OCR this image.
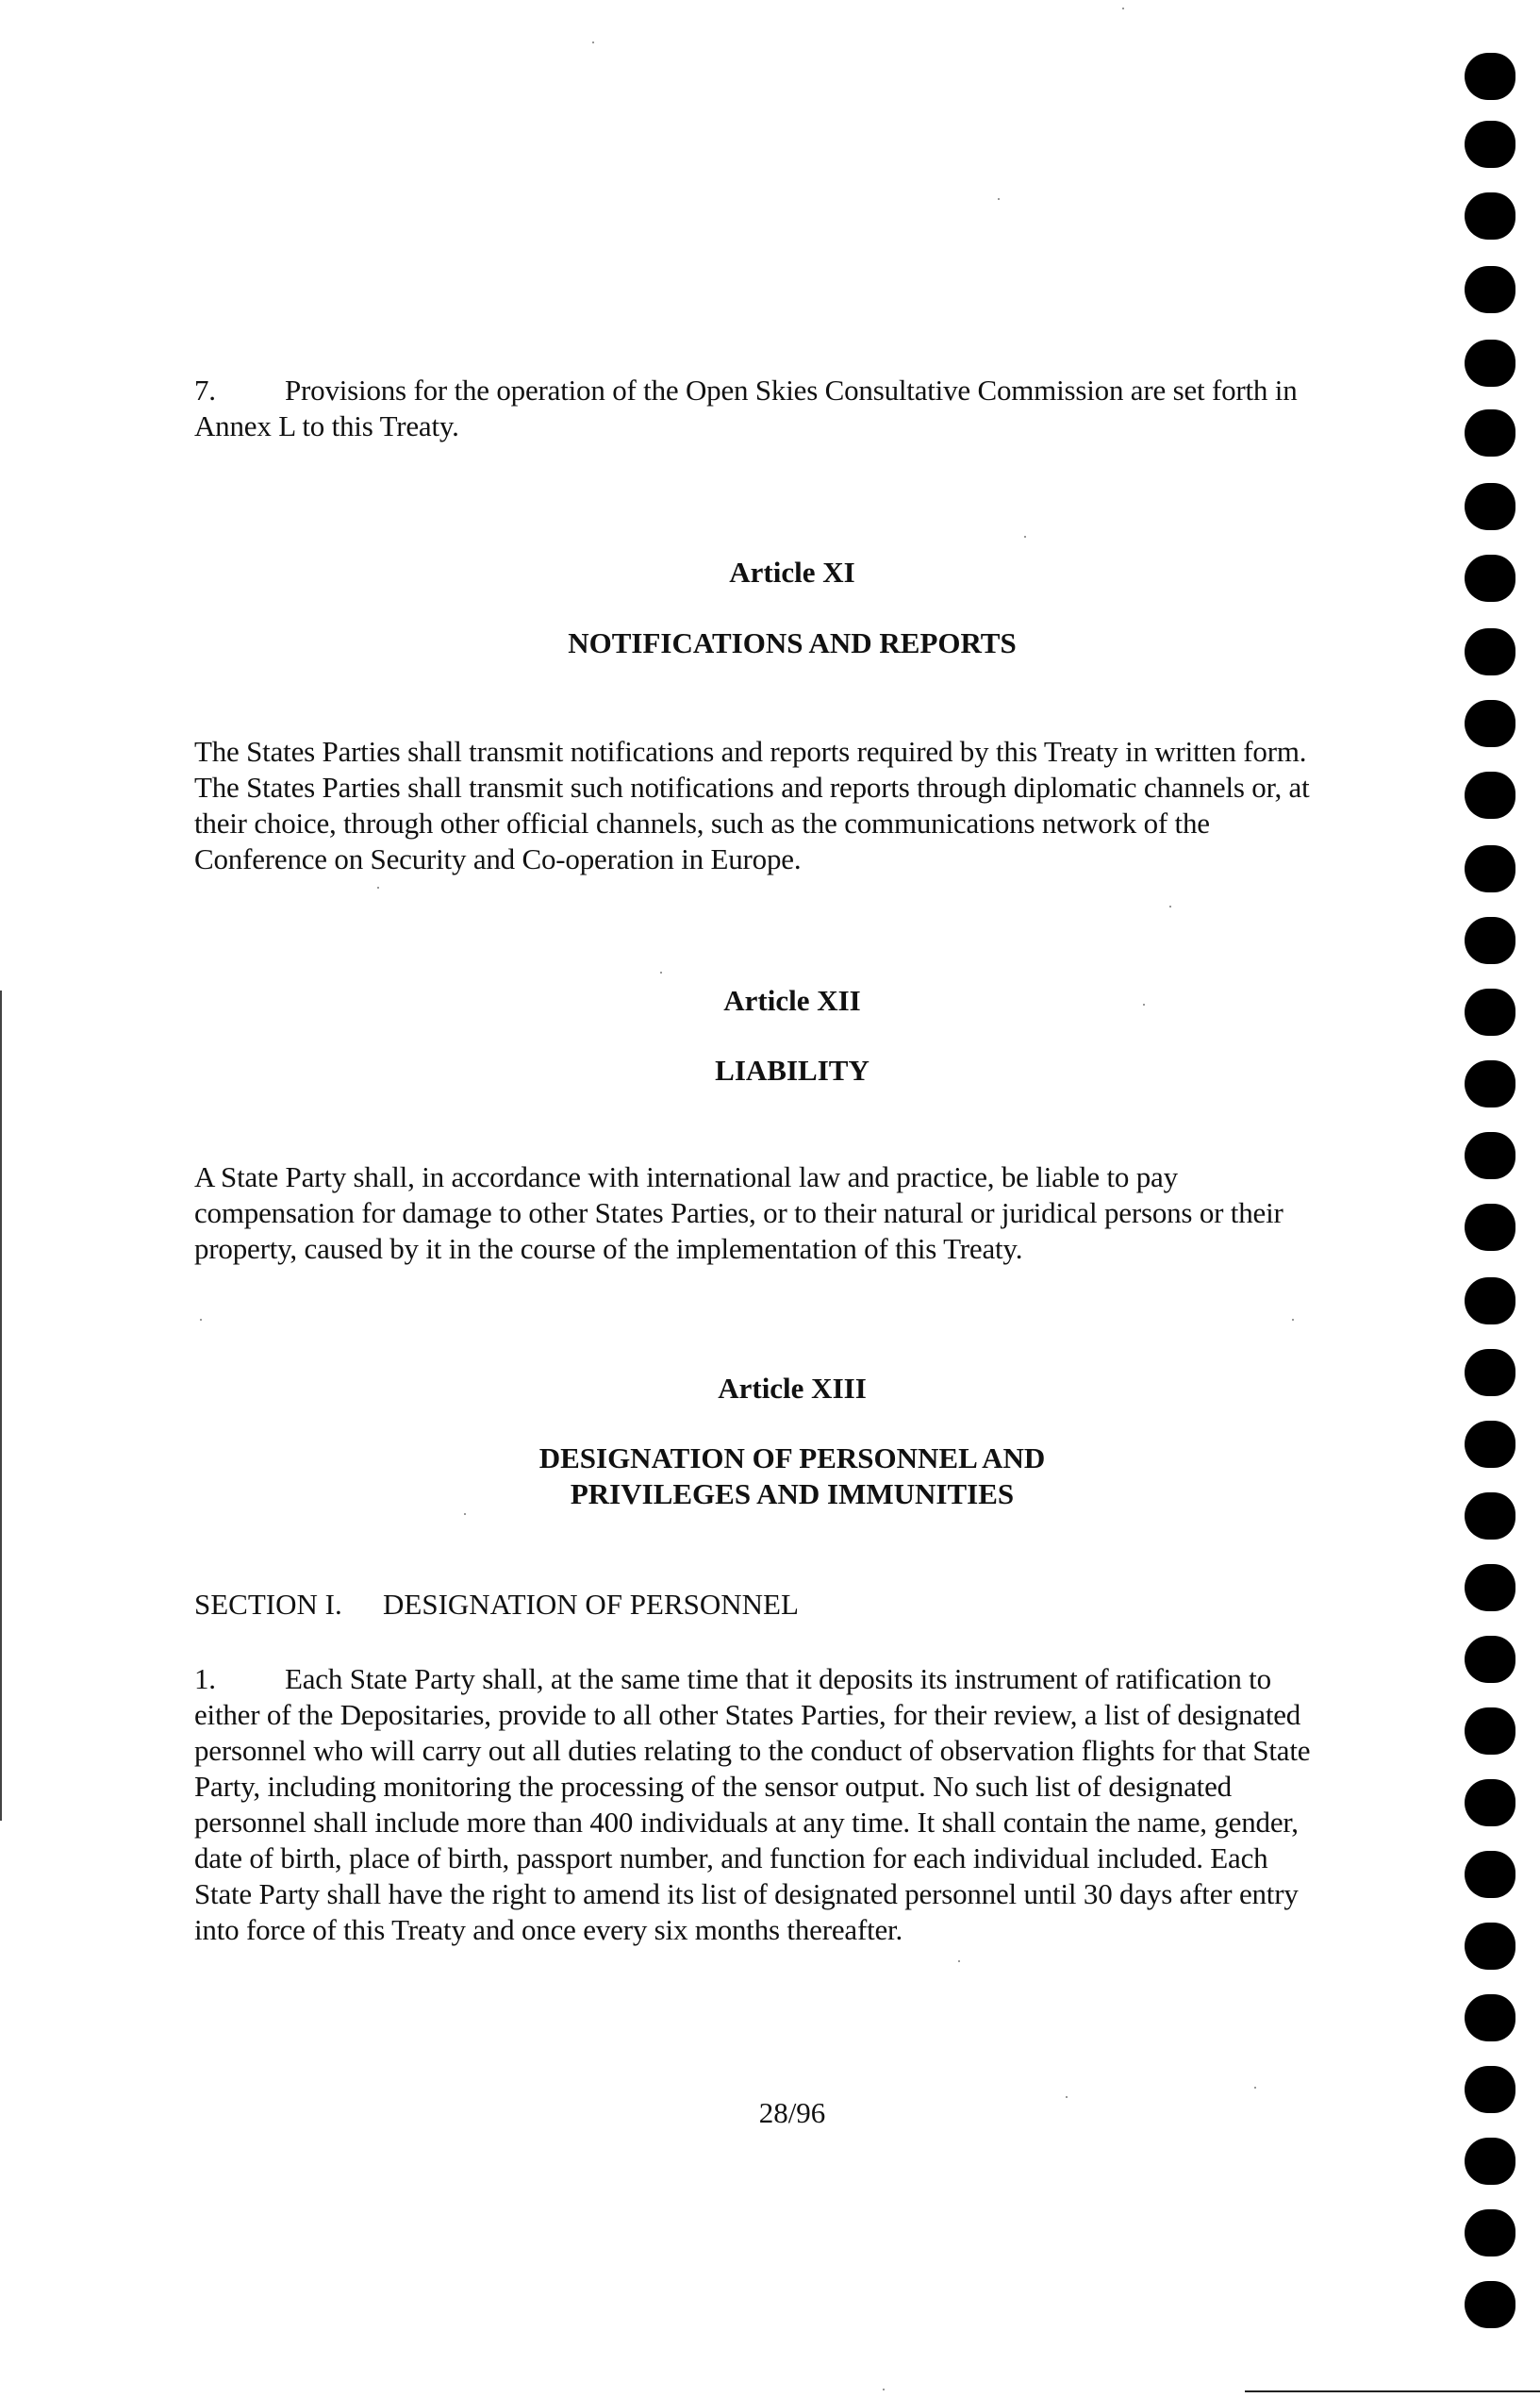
7. Provisions for the operation of the Open Skies Consultative Commission are set forth in
Annex L to this Treaty.
Article XI
NOTIFICATIONS AND REPORTS
The States Parties shall transmit notifications and reports required by this Treaty in written form.
The States Parties shall transmit such notifications and reports through diplomatic channels or, at
their choice, through other official channels, such as the communications network of the
Conference on Security and Co-operation in Europe.
Article XII
LIABILITY
A State Party shall, in accordance with international law and practice, be liable to pay
compensation for damage to other States Parties, or to their natural or juridical persons or their
property, caused by it in the course of the implementation of this Treaty.
Article XIII
DESIGNATION OF PERSONNEL AND
PRIVILEGES AND IMMUNITIES
SECTION I. DESIGNATION OF PERSONNEL
1. Each State Party shall, at the same time that it deposits its instrument of ratification to
either of the Depositaries, provide to all other States Parties, for their review, a list of designated
personnel who will carry out all duties relating to the conduct of observation flights for that State
Party, including monitoring the processing of the sensor output. No such list of designated
personnel shall include more than 400 individuals at any time. It shall contain the name, gender,
date of birth, place of birth, passport number, and function for each individual included. Each
State Party shall have the right to amend its list of designated personnel until 30 days after entry
into force of this Treaty and once every six months thereafter.
28/96
